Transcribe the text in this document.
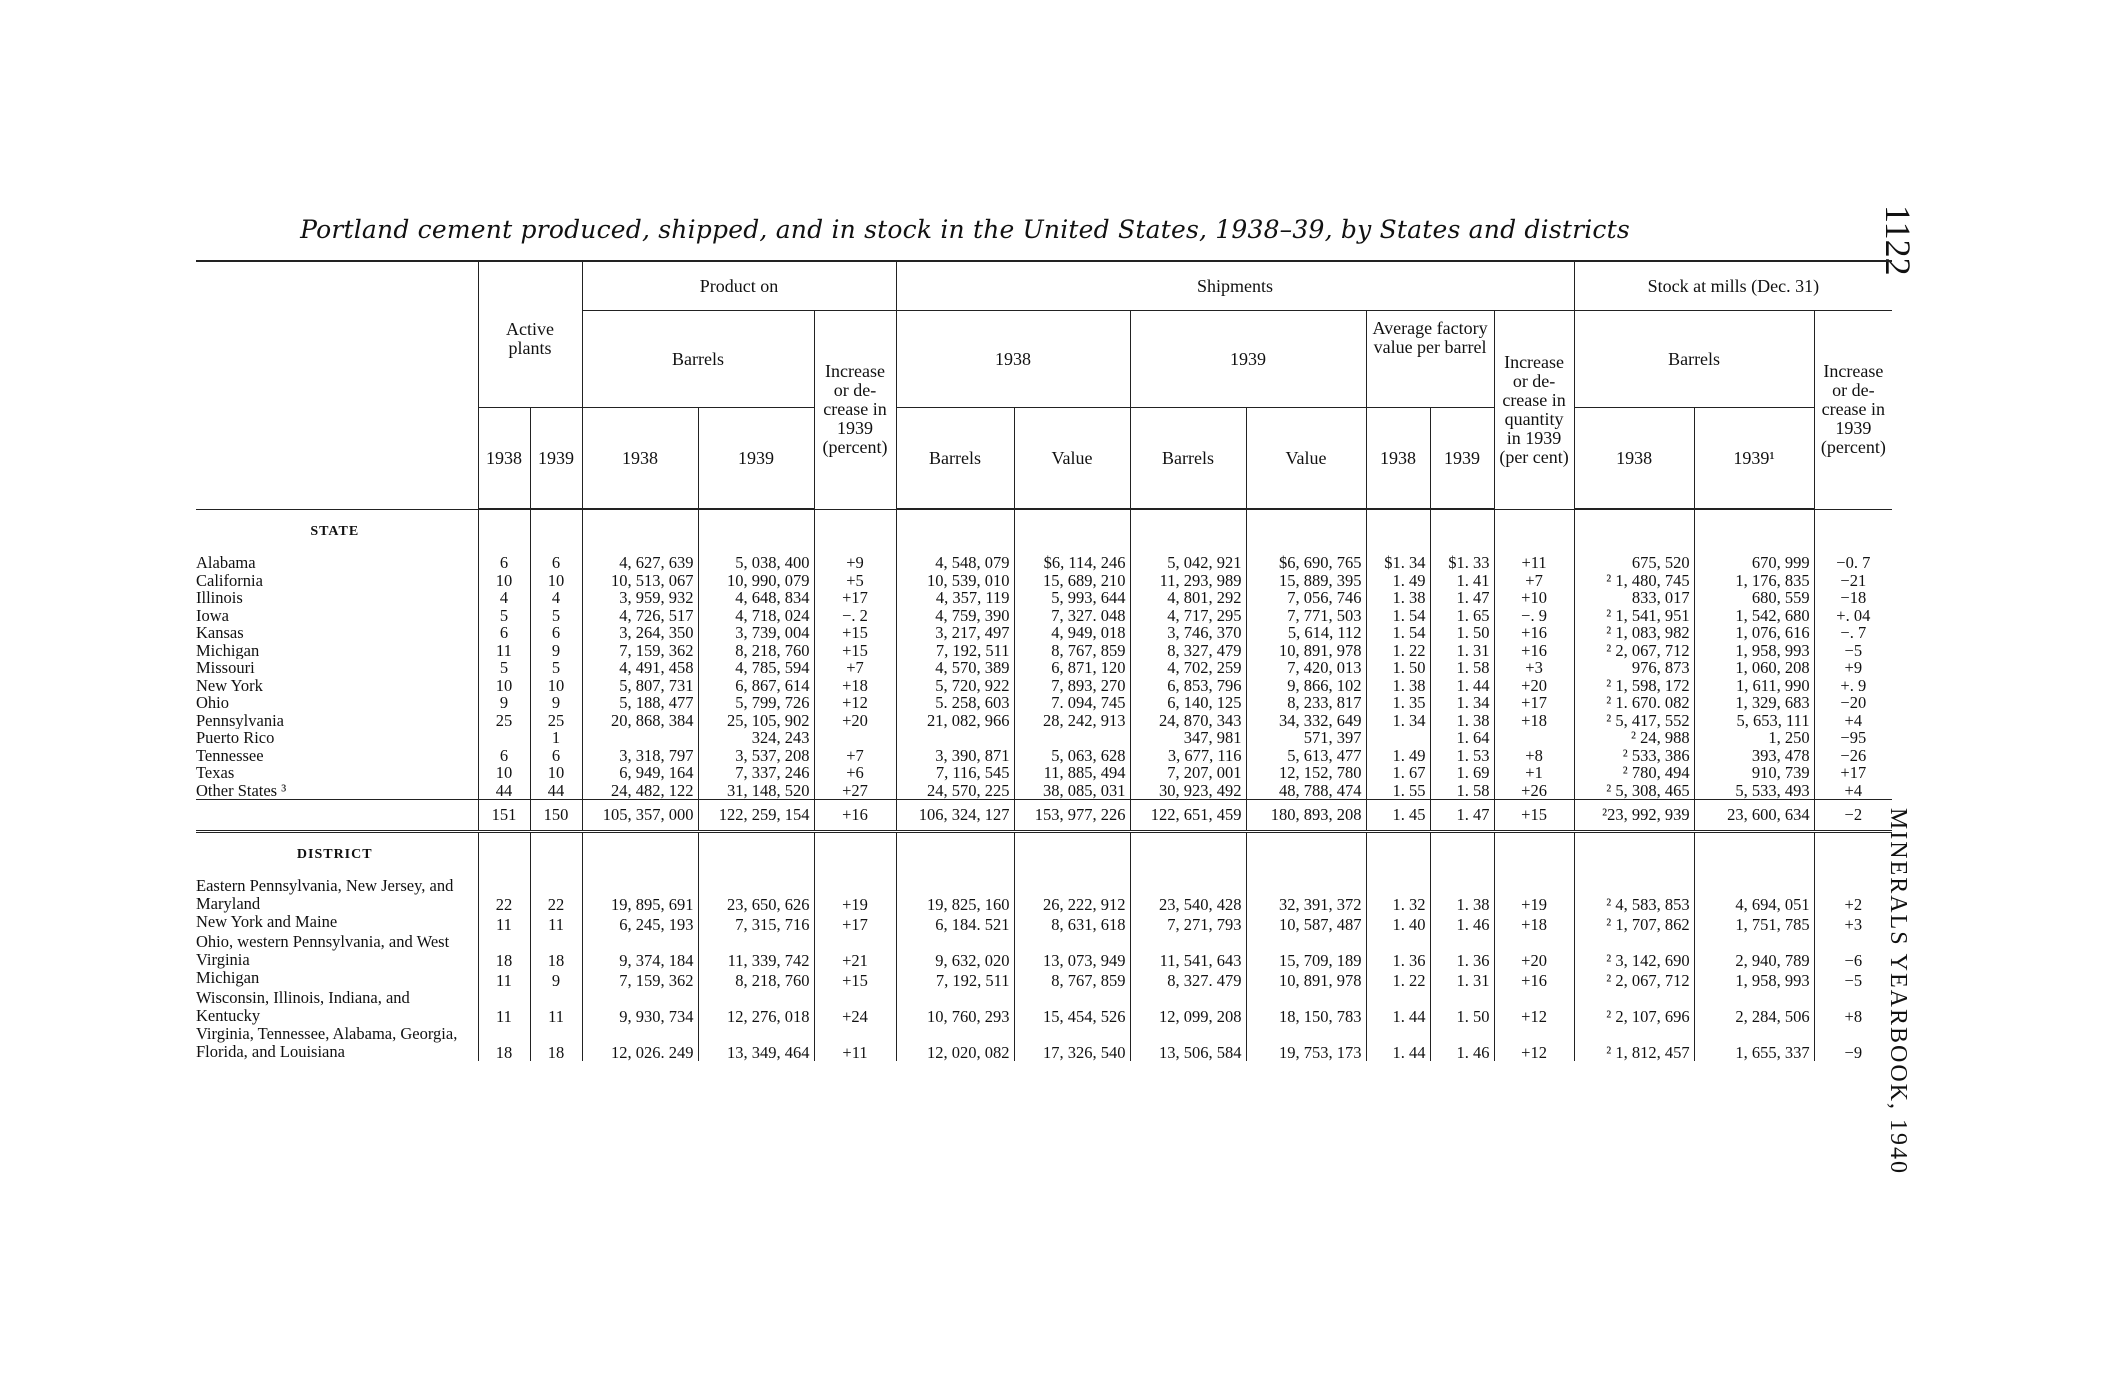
Portland cement produced, shipped, and in stock in the United States, 1938–39, by States and districts	1122
MINERALS YEARBOOK, 1940
	Active plants		Product on			Shipments							Stock at mills (Dec. 31)		
			Barrels		Increase or decrease in 1939 (percent)	1938		1939		Average factory value per barrel		Increase or decrease in quantity in 1939 (per cent)	Barrels		Increase or decrease in 1939 (percent)
	1938	1939	1938	1939		Barrels	Value	Barrels	Value	1938	1939		1938	1939¹	
STATE															
Alabama	6	6	4, 627, 639	5, 038, 400	+9	4, 548, 079	$6, 114, 246	5, 042, 921	$6, 690, 765	$1. 34	$1. 33	+11	675, 520	670, 999	−0. 7
California	10	10	10, 513, 067	10, 990, 079	+5	10, 539, 010	15, 689, 210	11, 293, 989	15, 889, 395	1. 49	1. 41	+7	² 1, 480, 745	1, 176, 835	−21
Illinois	4	4	3, 959, 932	4, 648, 834	+17	4, 357, 119	5, 993, 644	4, 801, 292	7, 056, 746	1. 38	1. 47	+10	833, 017	680, 559	−18
Iowa	5	5	4, 726, 517	4, 718, 024	−. 2	4, 759, 390	7, 327. 048	4, 717, 295	7, 771, 503	1. 54	1. 65	−. 9	² 1, 541, 951	1, 542, 680	+. 04
Kansas	6	6	3, 264, 350	3, 739, 004	+15	3, 217, 497	4, 949, 018	3, 746, 370	5, 614, 112	1. 54	1. 50	+16	² 1, 083, 982	1, 076, 616	−. 7
Michigan	11	9	7, 159, 362	8, 218, 760	+15	7, 192, 511	8, 767, 859	8, 327, 479	10, 891, 978	1. 22	1. 31	+16	² 2, 067, 712	1, 958, 993	−5
Missouri	5	5	4, 491, 458	4, 785, 594	+7	4, 570, 389	6, 871, 120	4, 702, 259	7, 420, 013	1. 50	1. 58	+3	976, 873	1, 060, 208	+9
New York	10	10	5, 807, 731	6, 867, 614	+18	5, 720, 922	7, 893, 270	6, 853, 796	9, 866, 102	1. 38	1. 44	+20	² 1, 598, 172	1, 611, 990	+. 9
Ohio	9	9	5, 188, 477	5, 799, 726	+12	5. 258, 603	7. 094, 745	6, 140, 125	8, 233, 817	1. 35	1. 34	+17	² 1. 670. 082	1, 329, 683	−20
Pennsylvania	25	25	20, 868, 384	25, 105, 902	+20	21, 082, 966	28, 242, 913	24, 870, 343	34, 332, 649	1. 34	1. 38	+18	² 5, 417, 552	5, 653, 111	+4
Puerto Rico		1		324, 243				347, 981	571, 397		1. 64		² 24, 988	1, 250	−95
Tennessee	6	6	3, 318, 797	3, 537, 208	+7	3, 390, 871	5, 063, 628	3, 677, 116	5, 613, 477	1. 49	1. 53	+8	² 533, 386	393, 478	−26
Texas	10	10	6, 949, 164	7, 337, 246	+6	7, 116, 545	11, 885, 494	7, 207, 001	12, 152, 780	1. 67	1. 69	+1	² 780, 494	910, 739	+17
Other States ³	44	44	24, 482, 122	31, 148, 520	+27	24, 570, 225	38, 085, 031	30, 923, 492	48, 788, 474	1. 55	1. 58	+26	² 5, 308, 465	5, 533, 493	+4
	151	150	105, 357, 000	122, 259, 154	+16	106, 324, 127	153, 977, 226	122, 651, 459	180, 893, 208	1. 45	1. 47	+15	²23, 992, 939	23, 600, 634	−2
DISTRICT															
Eastern Pennsylvania, New Jersey, and Maryland	22	22	19, 895, 691	23, 650, 626	+19	19, 825, 160	26, 222, 912	23, 540, 428	32, 391, 372	1. 32	1. 38	+19	² 4, 583, 853	4, 694, 051	+2
New York and Maine	11	11	6, 245, 193	7, 315, 716	+17	6, 184. 521	8, 631, 618	7, 271, 793	10, 587, 487	1. 40	1. 46	+18	² 1, 707, 862	1, 751, 785	+3
Ohio, western Pennsylvania, and West Virginia	18	18	9, 374, 184	11, 339, 742	+21	9, 632, 020	13, 073, 949	11, 541, 643	15, 709, 189	1. 36	1. 36	+20	² 3, 142, 690	2, 940, 789	−6
Michigan	11	9	7, 159, 362	8, 218, 760	+15	7, 192, 511	8, 767, 859	8, 327. 479	10, 891, 978	1. 22	1. 31	+16	² 2, 067, 712	1, 958, 993	−5
Wisconsin, Illinois, Indiana, and Kentucky	11	11	9, 930, 734	12, 276, 018	+24	10, 760, 293	15, 454, 526	12, 099, 208	18, 150, 783	1. 44	1. 50	+12	² 2, 107, 696	2, 284, 506	+8
Virginia, Tennessee, Alabama, Georgia, Florida, and Louisiana	18	18	12, 026. 249	13, 349, 464	+11	12, 020, 082	17, 326, 540	13, 506, 584	19, 753, 173	1. 44	1. 46	+12	² 1, 812, 457	1, 655, 337	−9
